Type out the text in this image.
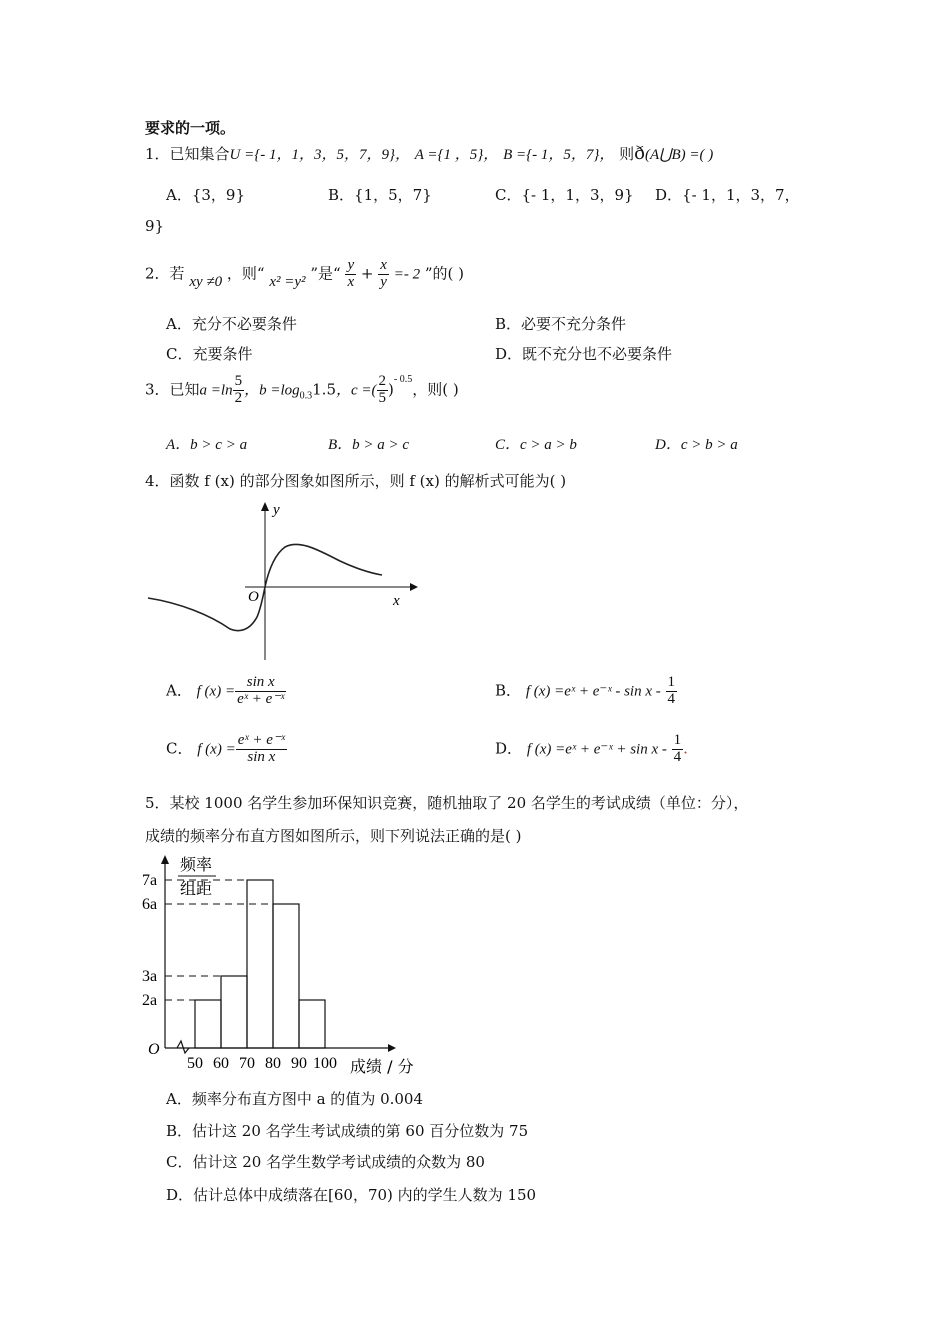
要求的一项。
1．已知集合U ={- 1，1，3，5，7，9}， A ={1 ，5}， B ={- 1，5，7}， 则ð(A⋃B) =( )
A．{3，9}	B．{1，5，7}	C．{- 1，1，3，9} D．{- 1，1，3，7，
9}
2．若 xy ≠0 ，则“ x² =y² ”是“ $\frac{y}{x} + \frac{x}{y} =- 2$ ”的( )
A．充分不必要条件	B．必要不充分条件
C．充要条件	D．既不充分也不必要条件
3．已知$a =\ln \frac{5}{2}$ ，$b =\log_{0.3}1.5$，c =( $\frac{2}{5} )^{- 0.5}$，则( )
A．b > c > a	B．b > a > c	C．c > a > b	D．c > b > a
4．函数 f (x) 的部分图象如图所示，则 f (x) 的解析式可能为( )
y
x
O
A． f $(x) = \frac{\text{sin x}}{\text{eˣ + e⁻ˣ}}$	B． f (x) =eˣ + e⁻ˣ - sin x - $\frac{1}{4}$
C． f $(x) = \frac{\text{eˣ + e⁻ˣ}}{\text{sin x}}$	D． f (x) =eˣ + e⁻ˣ + sin x - $\frac{1}{4}$ .
5．某校 1000 名学生参加环保知识竞赛，随机抽取了 20 名学生的考试成绩（单位：分），
成绩的频率分布直方图如图所示，则下列说法正确的是( )
2a
3a
6a
7a
50 60 70 80 90 100
O
频率
组距
成绩 / 分
A．频率分布直方图中 a 的值为 0.004
B．估计这 20 名学生考试成绩的第 60 百分位数为 75
C．估计这 20 名学生数学考试成绩的众数为 80
D．估计总体中成绩落在[60，70) 内的学生人数为 150
